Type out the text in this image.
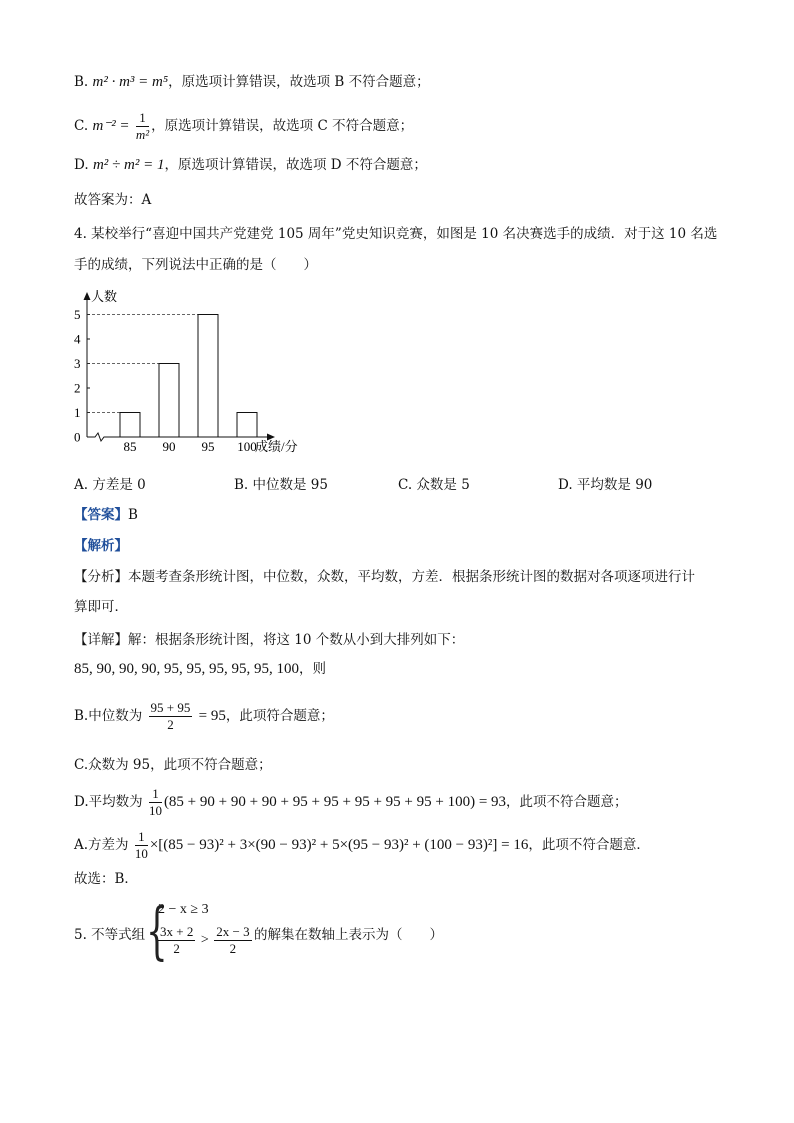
B. m² · m³ = m⁵，原选项计算错误，故选项 B 不符合题意；
C. $m^{-2} = \frac{1}{\text{m²}}$ ，原选项计算错误，故选项 C 不符合题意；
D. m² ÷ m² = 1，原选项计算错误，故选项 D 不符合题意；
故答案为：A
4. 某校举行“喜迎中国共产党建党 105 周年”党史知识竞赛，如图是 10 名决赛选手的成绩．对于这 10 名选
手的成绩，下列说法中正确的是（　　）
人数
成绩/分
0
1
2
3
4
5
85 90 95 100
A. 方差是 0	B. 中位数是 95	C. 众数是 5	D. 平均数是 90
【答案】B
【解析】
【分析】本题考查条形统计图，中位数，众数，平均数，方差．根据条形统计图的数据对各项逐项进行计
算即可．
【详解】解：根据条形统计图，将这 10 个数从小到大排列如下：
85, 90, 90, 90, 95, 95, 95, 95, 95, 100，则
B.中位数为 $\frac{95 + 95}{2} = 95$，此项符合题意；
C.众数为 95，此项不符合题意；
D.平均数为 $\frac{1}{10} (85 + 90 + 90 + 90 + 95 + 95 + 95 + 95 + 95 + 100) = 93$，此项不符合题意；
A.方差为 $\frac{1}{10} \times[(85 - 93)^2 + 3\times(90 - 93)^2 + 5\times(95 - 93)^2 + (100 - 93)^2] = 16$，此项不符合题意．
故选：B．
5. 不等式组 {
2 − x ≥ 3
$\frac{3x + 2}{2} > \frac{2x - 3}{2}$ 的解集在数轴上表示为（　　）
